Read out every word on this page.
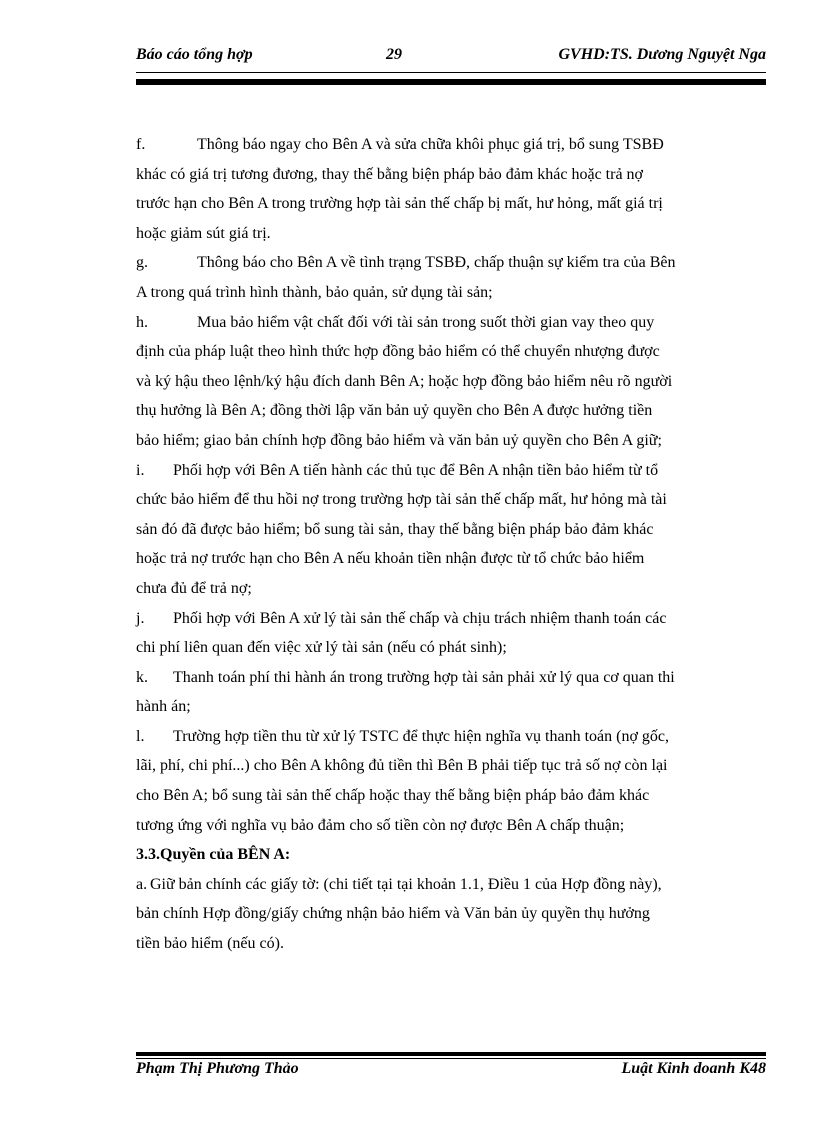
Báo cáo tổng hợp	29	GVHD:TS. Dương Nguyệt Nga
f.	Thông báo ngay cho Bên A và sửa chữa khôi phục giá trị, bổ sung TSBĐ
khác có giá trị tương đương, thay thế bằng biện pháp bảo đảm khác hoặc trả nợ
trước hạn cho Bên A trong trường hợp tài sản thế chấp bị mất, hư hỏng, mất giá trị
hoặc giảm sút giá trị.
g.	Thông báo cho Bên A về tình trạng TSBĐ, chấp thuận sự kiểm tra của Bên
A trong quá trình hình thành, bảo quản, sử dụng tài sản;
h.	Mua bảo hiểm vật chất đối với tài sản trong suốt thời gian vay theo quy
định của pháp luật theo hình thức hợp đồng bảo hiểm có thể chuyển nhượng được
và ký hậu theo lệnh/ký hậu đích danh Bên A; hoặc hợp đồng bảo hiểm nêu rõ người
thụ hưởng là Bên A; đồng thời lập văn bản uỷ quyền cho Bên A được hưởng tiền
bảo hiểm; giao bản chính hợp đồng bảo hiểm và văn bản uỷ quyền cho Bên A giữ;
i. Phối hợp với Bên A tiến hành các thủ tục để Bên A nhận tiền bảo hiểm từ tổ
chức bảo hiểm để thu hồi nợ trong trường hợp tài sản thế chấp mất, hư hỏng mà tài
sản đó đã được bảo hiểm; bổ sung tài sản, thay thế bằng biện pháp bảo đảm khác
hoặc trả nợ trước hạn cho Bên A nếu khoản tiền nhận được từ tổ chức bảo hiểm
chưa đủ để trả nợ;
j. Phối hợp với Bên A xử lý tài sản thế chấp và chịu trách nhiệm thanh toán các
chi phí liên quan đến việc xử lý tài sản (nếu có phát sinh);
k. Thanh toán phí thi hành án trong trường hợp tài sản phải xử lý qua cơ quan thi
hành án;
l. Trường hợp tiền thu từ xử lý TSTC để thực hiện nghĩa vụ thanh toán (nợ gốc,
lãi, phí, chi phí...) cho Bên A không đủ tiền thì Bên B phải tiếp tục trả số nợ còn lại
cho Bên A; bổ sung tài sản thế chấp hoặc thay thế bằng biện pháp bảo đảm khác
tương ứng với nghĩa vụ bảo đảm cho số tiền còn nợ được Bên A chấp thuận;
3.3.Quyền của BÊN A:
a. Giữ bản chính các giấy tờ: (chi tiết tại tại khoản 1.1, Điều 1 của Hợp đồng này),
bản chính Hợp đồng/giấy chứng nhận bảo hiểm và Văn bản ủy quyền thụ hưởng
tiền bảo hiểm (nếu có).
Phạm Thị Phương Thảo	Luật Kinh doanh K48
